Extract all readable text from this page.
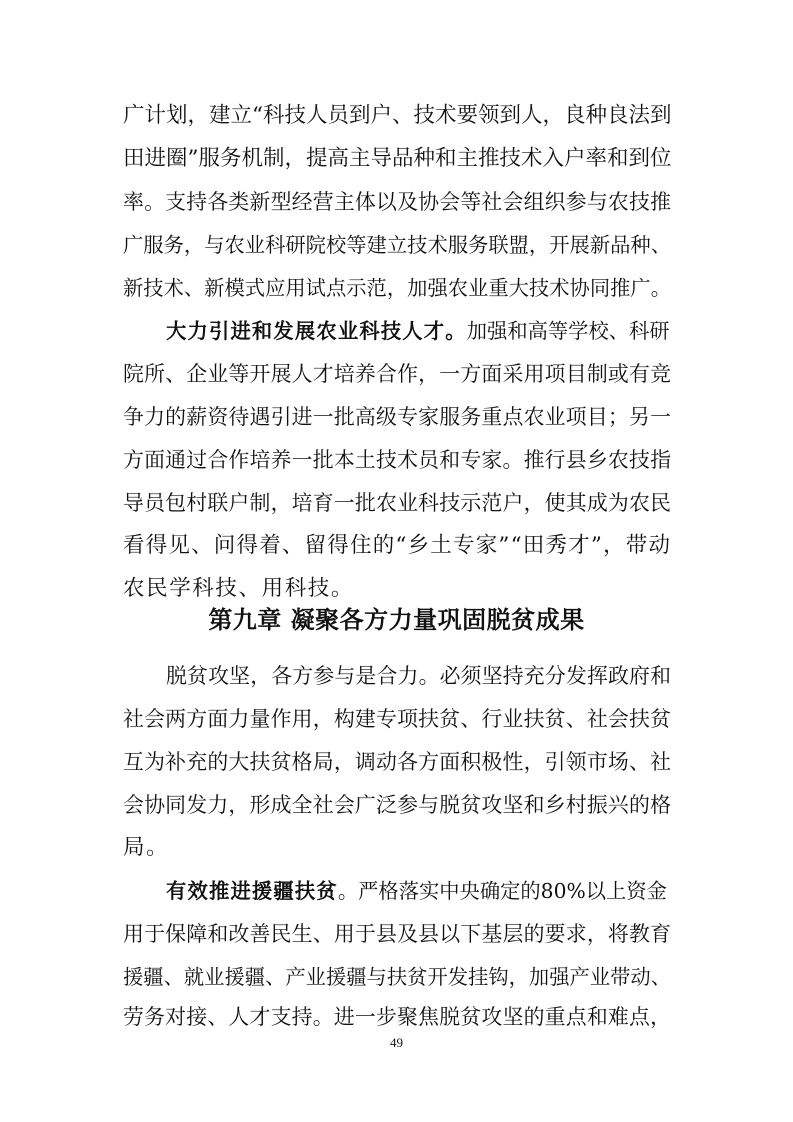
广计划，建立“科技人员到户、技术要领到人，良种良法到
田进圈”服务机制，提高主导品种和主推技术入户率和到位
率。支持各类新型经营主体以及协会等社会组织参与农技推
广服务，与农业科研院校等建立技术服务联盟，开展新品种、
新技术、新模式应用试点示范，加强农业重大技术协同推广。
大力引进和发展农业科技人才。加强和高等学校、科研
院所、企业等开展人才培养合作，一方面采用项目制或有竞
争力的薪资待遇引进一批高级专家服务重点农业项目；另一
方面通过合作培养一批本土技术员和专家。推行县乡农技指
导员包村联户制，培育一批农业科技示范户，使其成为农民
看得见、问得着、留得住的“乡土专家”“田秀才”，带动
农民学科技、用科技。
第九章 凝聚各方力量巩固脱贫成果
脱贫攻坚，各方参与是合力。必须坚持充分发挥政府和
社会两方面力量作用，构建专项扶贫、行业扶贫、社会扶贫
互为补充的大扶贫格局，调动各方面积极性，引领市场、社
会协同发力，形成全社会广泛参与脱贫攻坚和乡村振兴的格
局。
有效推进援疆扶贫。严格落实中央确定的80%以上资金
用于保障和改善民生、用于县及县以下基层的要求，将教育
援疆、就业援疆、产业援疆与扶贫开发挂钩，加强产业带动、
劳务对接、人才支持。进一步聚焦脱贫攻坚的重点和难点，
49
